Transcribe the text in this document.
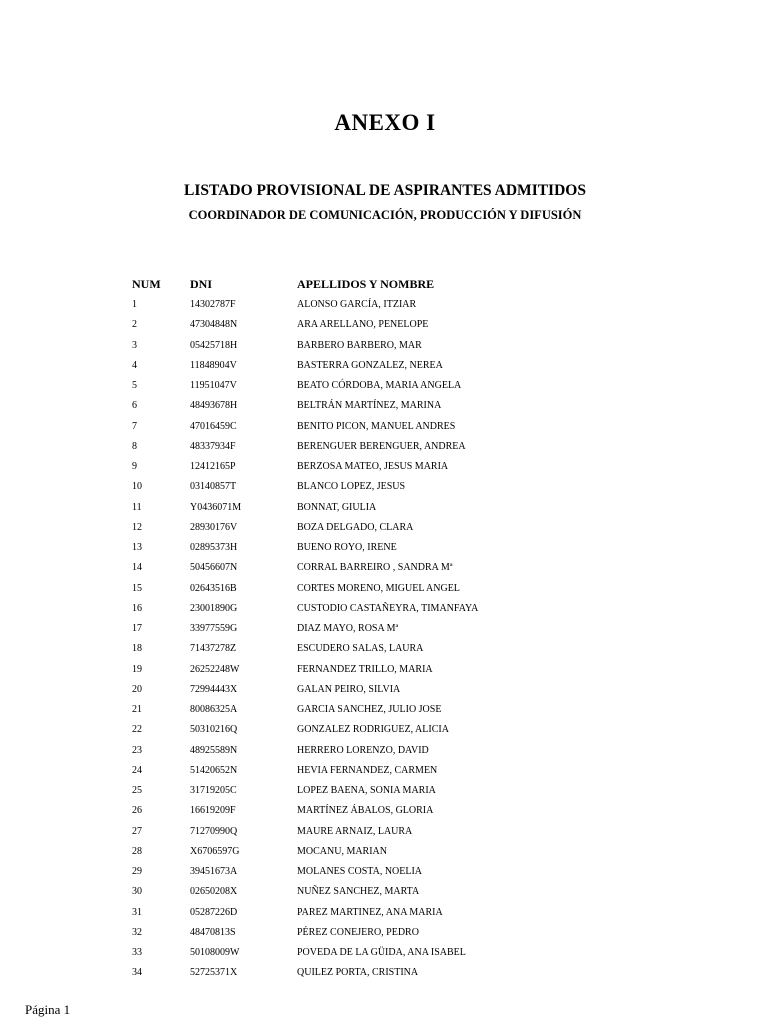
ANEXO I
LISTADO PROVISIONAL DE ASPIRANTES ADMITIDOS
COORDINADOR DE COMUNICACIÓN, PRODUCCIÓN Y DIFUSIÓN
NUM DNI	APELLIDOS Y NOMBRE
1	14302787F	ALONSO GARCÍA, ITZIAR
2	47304848N	ARA ARELLANO, PENELOPE
3	05425718H	BARBERO BARBERO, MAR
4	11848904V	BASTERRA GONZALEZ, NEREA
5	11951047V	BEATO CÓRDOBA, MARIA ANGELA
6	48493678H	BELTRÁN MARTÍNEZ, MARINA
7	47016459C	BENITO PICON, MANUEL ANDRES
8	48337934F	BERENGUER BERENGUER, ANDREA
9	12412165P	BERZOSA MATEO, JESUS MARIA
10	03140857T	BLANCO LOPEZ, JESUS
11	Y0436071M	BONNAT, GIULIA
12	28930176V	BOZA DELGADO, CLARA
13	02895373H	BUENO ROYO, IRENE
14	50456607N	CORRAL BARREIRO , SANDRA Mª
15	02643516B	CORTES MORENO, MIGUEL ANGEL
16	23001890G	CUSTODIO CASTAÑEYRA, TIMANFAYA
17	33977559G	DIAZ MAYO, ROSA Mª
18	71437278Z	ESCUDERO SALAS, LAURA
19	26252248W	FERNANDEZ TRILLO, MARIA
20	72994443X	GALAN PEIRO, SILVIA
21	80086325A	GARCIA SANCHEZ, JULIO JOSE
22	50310216Q	GONZALEZ RODRIGUEZ, ALICIA
23	48925589N	HERRERO LORENZO, DAVID
24	51420652N	HEVIA FERNANDEZ, CARMEN
25	31719205C	LOPEZ BAENA, SONIA MARIA
26	16619209F	MARTÍNEZ ÁBALOS, GLORIA
27	71270990Q	MAURE ARNAIZ, LAURA
28	X6706597G	MOCANU, MARIAN
29	39451673A	MOLANES COSTA, NOELIA
30	02650208X	NUÑEZ SANCHEZ, MARTA
31	05287226D	PAREZ MARTINEZ, ANA MARIA
32	48470813S	PÉREZ CONEJERO, PEDRO
33	50108009W	POVEDA DE LA GÜIDA, ANA ISABEL
34	52725371X	QUILEZ PORTA, CRISTINA
Página 1
